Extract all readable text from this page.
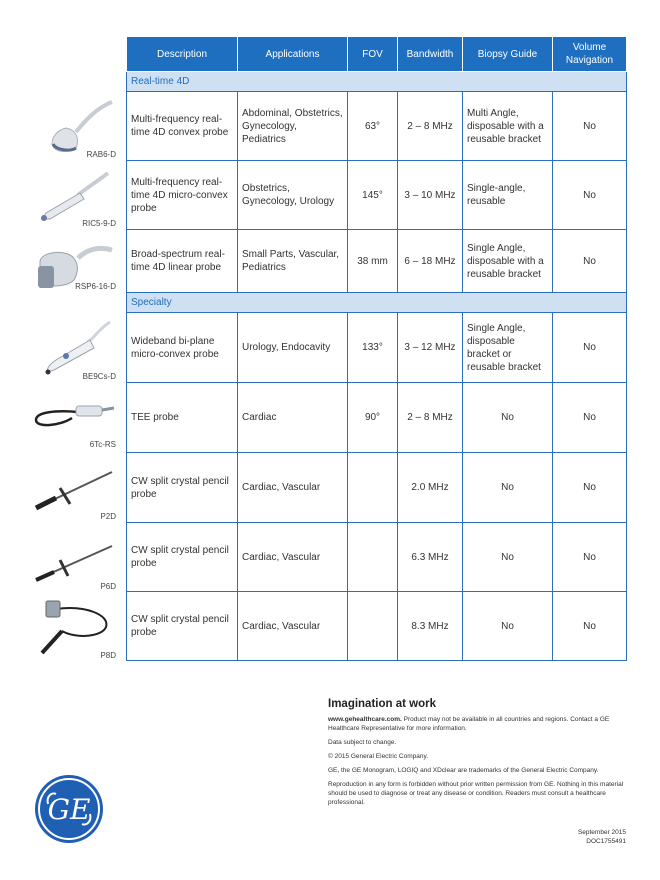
RAB6-D
RIC5-9-D
RSP6-16-D
BE9Cs-D
6Tc-RS
P2D
P6D
P8D
Description	Applications	FOV	Bandwidth	Biopsy Guide	Volume Navigation
Real-time 4D					
Multi-frequency real-time 4D convex probe	Abdominal, Obstetrics, Gynecology, Pediatrics	63°	2 – 8 MHz	Multi Angle, disposable with a reusable bracket	No
Multi-frequency real-time 4D micro-convex probe	Obstetrics, Gynecology, Urology	145°	3 – 10 MHz	Single-angle, reusable	No
Broad-spectrum real-time 4D linear probe	Small Parts, Vascular, Pediatrics	38 mm	6 – 18 MHz	Single Angle, disposable with a reusable bracket	No
Specialty					
Wideband bi-plane micro-convex probe	Urology, Endocavity	133°	3 – 12 MHz	Single Angle, disposable bracket or reusable bracket	No
TEE probe	Cardiac	90°	2 – 8 MHz	No	No
CW split crystal pencil probe	Cardiac, Vascular		2.0 MHz	No	No
CW split crystal pencil probe	Cardiac, Vascular		6.3 MHz	No	No
CW split crystal pencil probe	Cardiac, Vascular		8.3 MHz	No	No
Imagination at work

www.gehealthcare.com. Product may not be available in all countries and regions. Contact a GE Healthcare Representative for more information.

Data subject to change.

© 2015 General Electric Company.

GE, the GE Monogram, LOGIQ and XDclear are trademarks of the General Electric Company.

Reproduction in any form is forbidden without prior written permission from GE. Nothing in this material should be used to diagnose or treat any disease or condition. Readers must consult a healthcare professional.

September 2015
DOC1755491
GE
